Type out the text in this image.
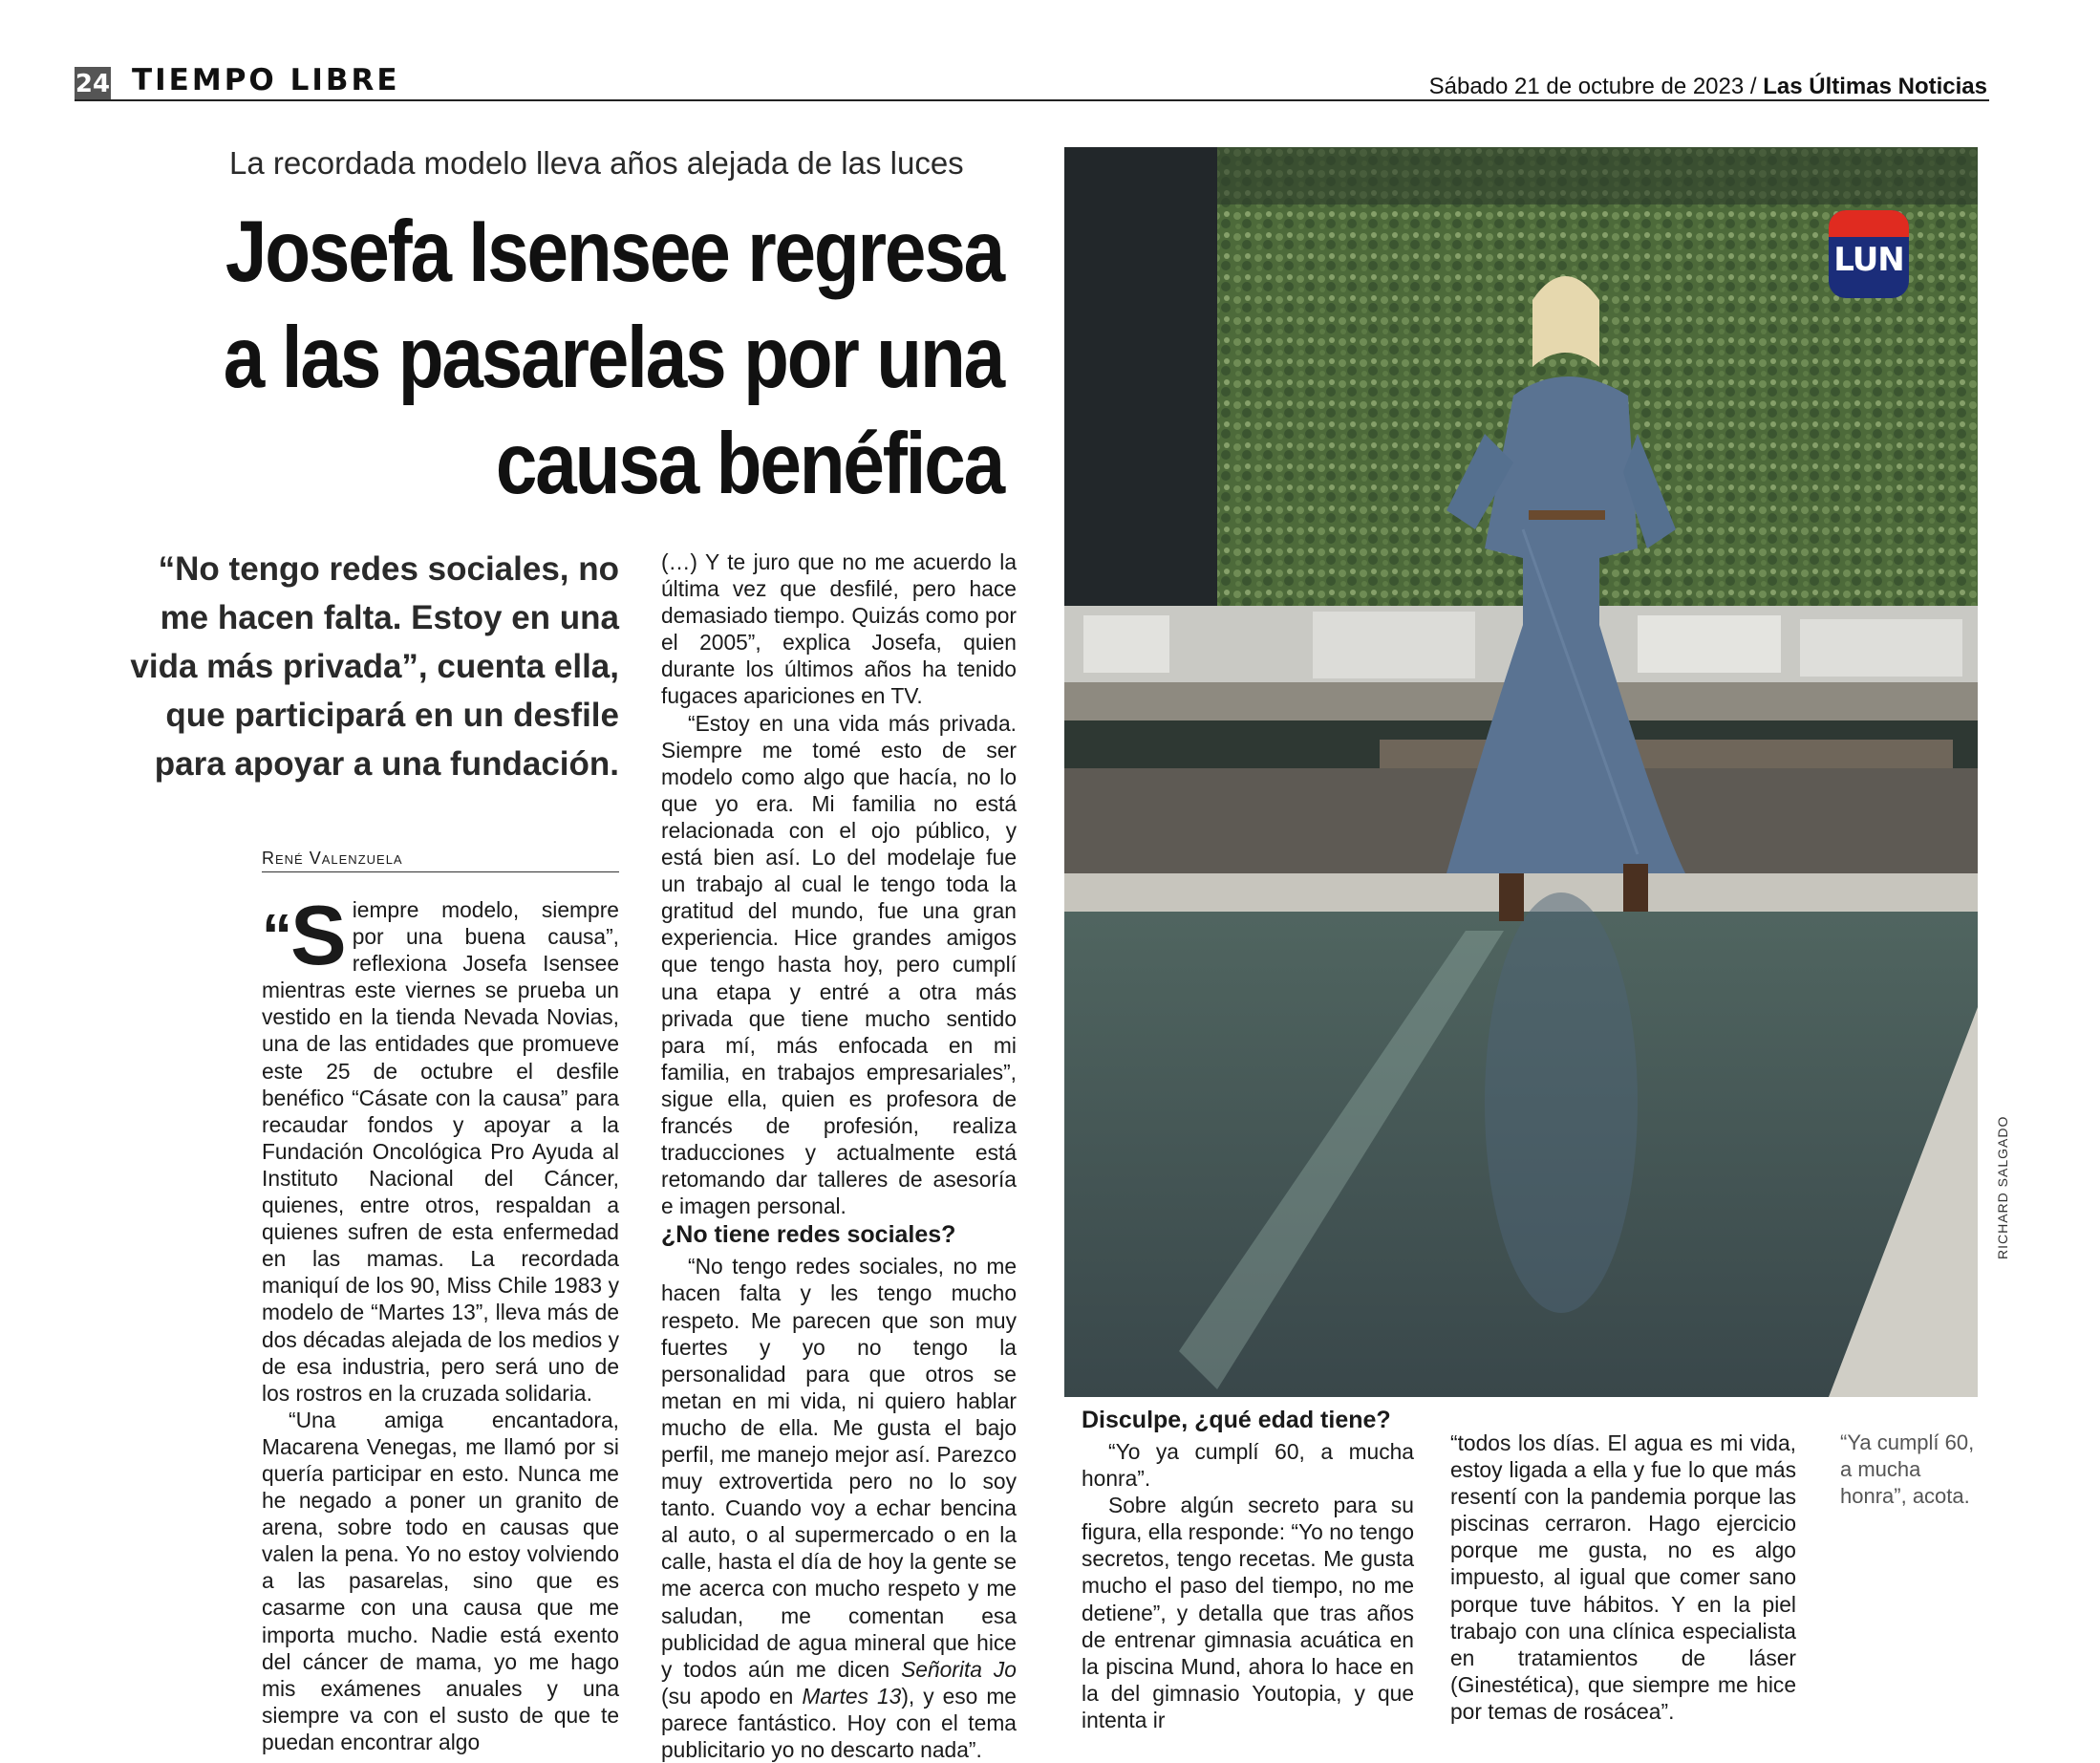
24 TIEMPO LIBRE	Sábado 21 de octubre de 2023 / Las Últimas Noticias
La recordada modelo lleva años alejada de las luces
Josefa Isensee regresa
a las pasarelas por una
causa benéfica
“No tengo redes sociales, no me hacen falta. Estoy en una vida más privada”, cuenta ella, que participará en un desfile para apoyar a una fundación.
René Valenzuela

“S iempre modelo, siempre por una buena causa”, reflexiona Josefa Isensee mientras este viernes se prueba un vestido en la tienda Nevada Novias, una de las entidades que promueve este 25 de octubre el desfile benéfico “Cásate con la causa” para recaudar fondos y apoyar a la Fundación Oncológica Pro Ayuda al Instituto Nacional del Cáncer, quienes, entre otros, respaldan a quienes sufren de esta enfermedad en las mamas. La recordada maniquí de los 90, Miss Chile 1983 y modelo de “Martes 13”, lleva más de dos décadas alejada de los medios y de esa industria, pero será uno de los rostros en la cruzada solidaria.

“Una amiga encantadora, Macarena Venegas, me llamó por si quería participar en esto. Nunca me he negado a poner un granito de arena, sobre todo en causas que valen la pena. Yo no estoy volviendo a las pasarelas, sino que es casarme con una causa que me importa mucho. Nadie está exento del cáncer de mama, yo me hago mis exámenes anuales y una siempre va con el susto de que te puedan encontrar algo

(…) Y te juro que no me acuerdo la última vez que desfilé, pero hace demasiado tiempo. Quizás como por el 2005”, explica Josefa, quien durante los últimos años ha tenido fugaces apariciones en TV.

“Estoy en una vida más privada. Siempre me tomé esto de ser modelo como algo que hacía, no lo que yo era. Mi familia no está relacionada con el ojo público, y está bien así. Lo del modelaje fue un trabajo al cual le tengo toda la gratitud del mundo, fue una gran experiencia. Hice grandes amigos que tengo hasta hoy, pero cumplí una etapa y entré a otra más privada que tiene mucho sentido para mí, más enfocada en mi familia, en trabajos empresariales”, sigue ella, quien es profesora de francés de profesión, realiza traducciones y actualmente está retomando dar talleres de asesoría e imagen personal.

¿No tiene redes sociales?

“No tengo redes sociales, no me hacen falta y les tengo mucho respeto. Me parecen que son muy fuertes y yo no tengo la personalidad para que otros se metan en mi vida, ni quiero hablar mucho de ella. Me gusta el bajo perfil, me manejo mejor así. Parezco muy extrovertida pero no lo soy tanto. Cuando voy a echar bencina al auto, o al supermercado o en la calle, hasta el día de hoy la gente se me acerca con mucho respeto y me saludan, me comentan esa publicidad de agua mineral que hice y todos aún me dicen Señorita Jo (su apodo en Martes 13), y eso me parece fantástico. Hoy con el tema publicitario yo no descarto nada”.

LUN
RICHARD SALGADO
Disculpe, ¿qué edad tiene?

“Yo ya cumplí 60, a mucha honra”.

Sobre algún secreto para su figura, ella responde: “Yo no tengo secretos, tengo recetas. Me gusta mucho el paso del tiempo, no me detiene”, y detalla que tras años de entrenar gimnasia acuática en la piscina Mund, ahora lo hace en la del gimnasio Youtopia, y que intenta ir

“todos los días. El agua es mi vida, estoy ligada a ella y fue lo que más resentí con la pandemia porque las piscinas cerraron. Hago ejercicio porque me gusta, no es algo impuesto, al igual que comer sano porque tuve hábitos. Y en la piel trabajo con una clínica especialista en tratamientos de láser (Ginestética), que siempre me hice por temas de rosácea”.

“Ya cumplí 60, a mucha honra”, acota.
